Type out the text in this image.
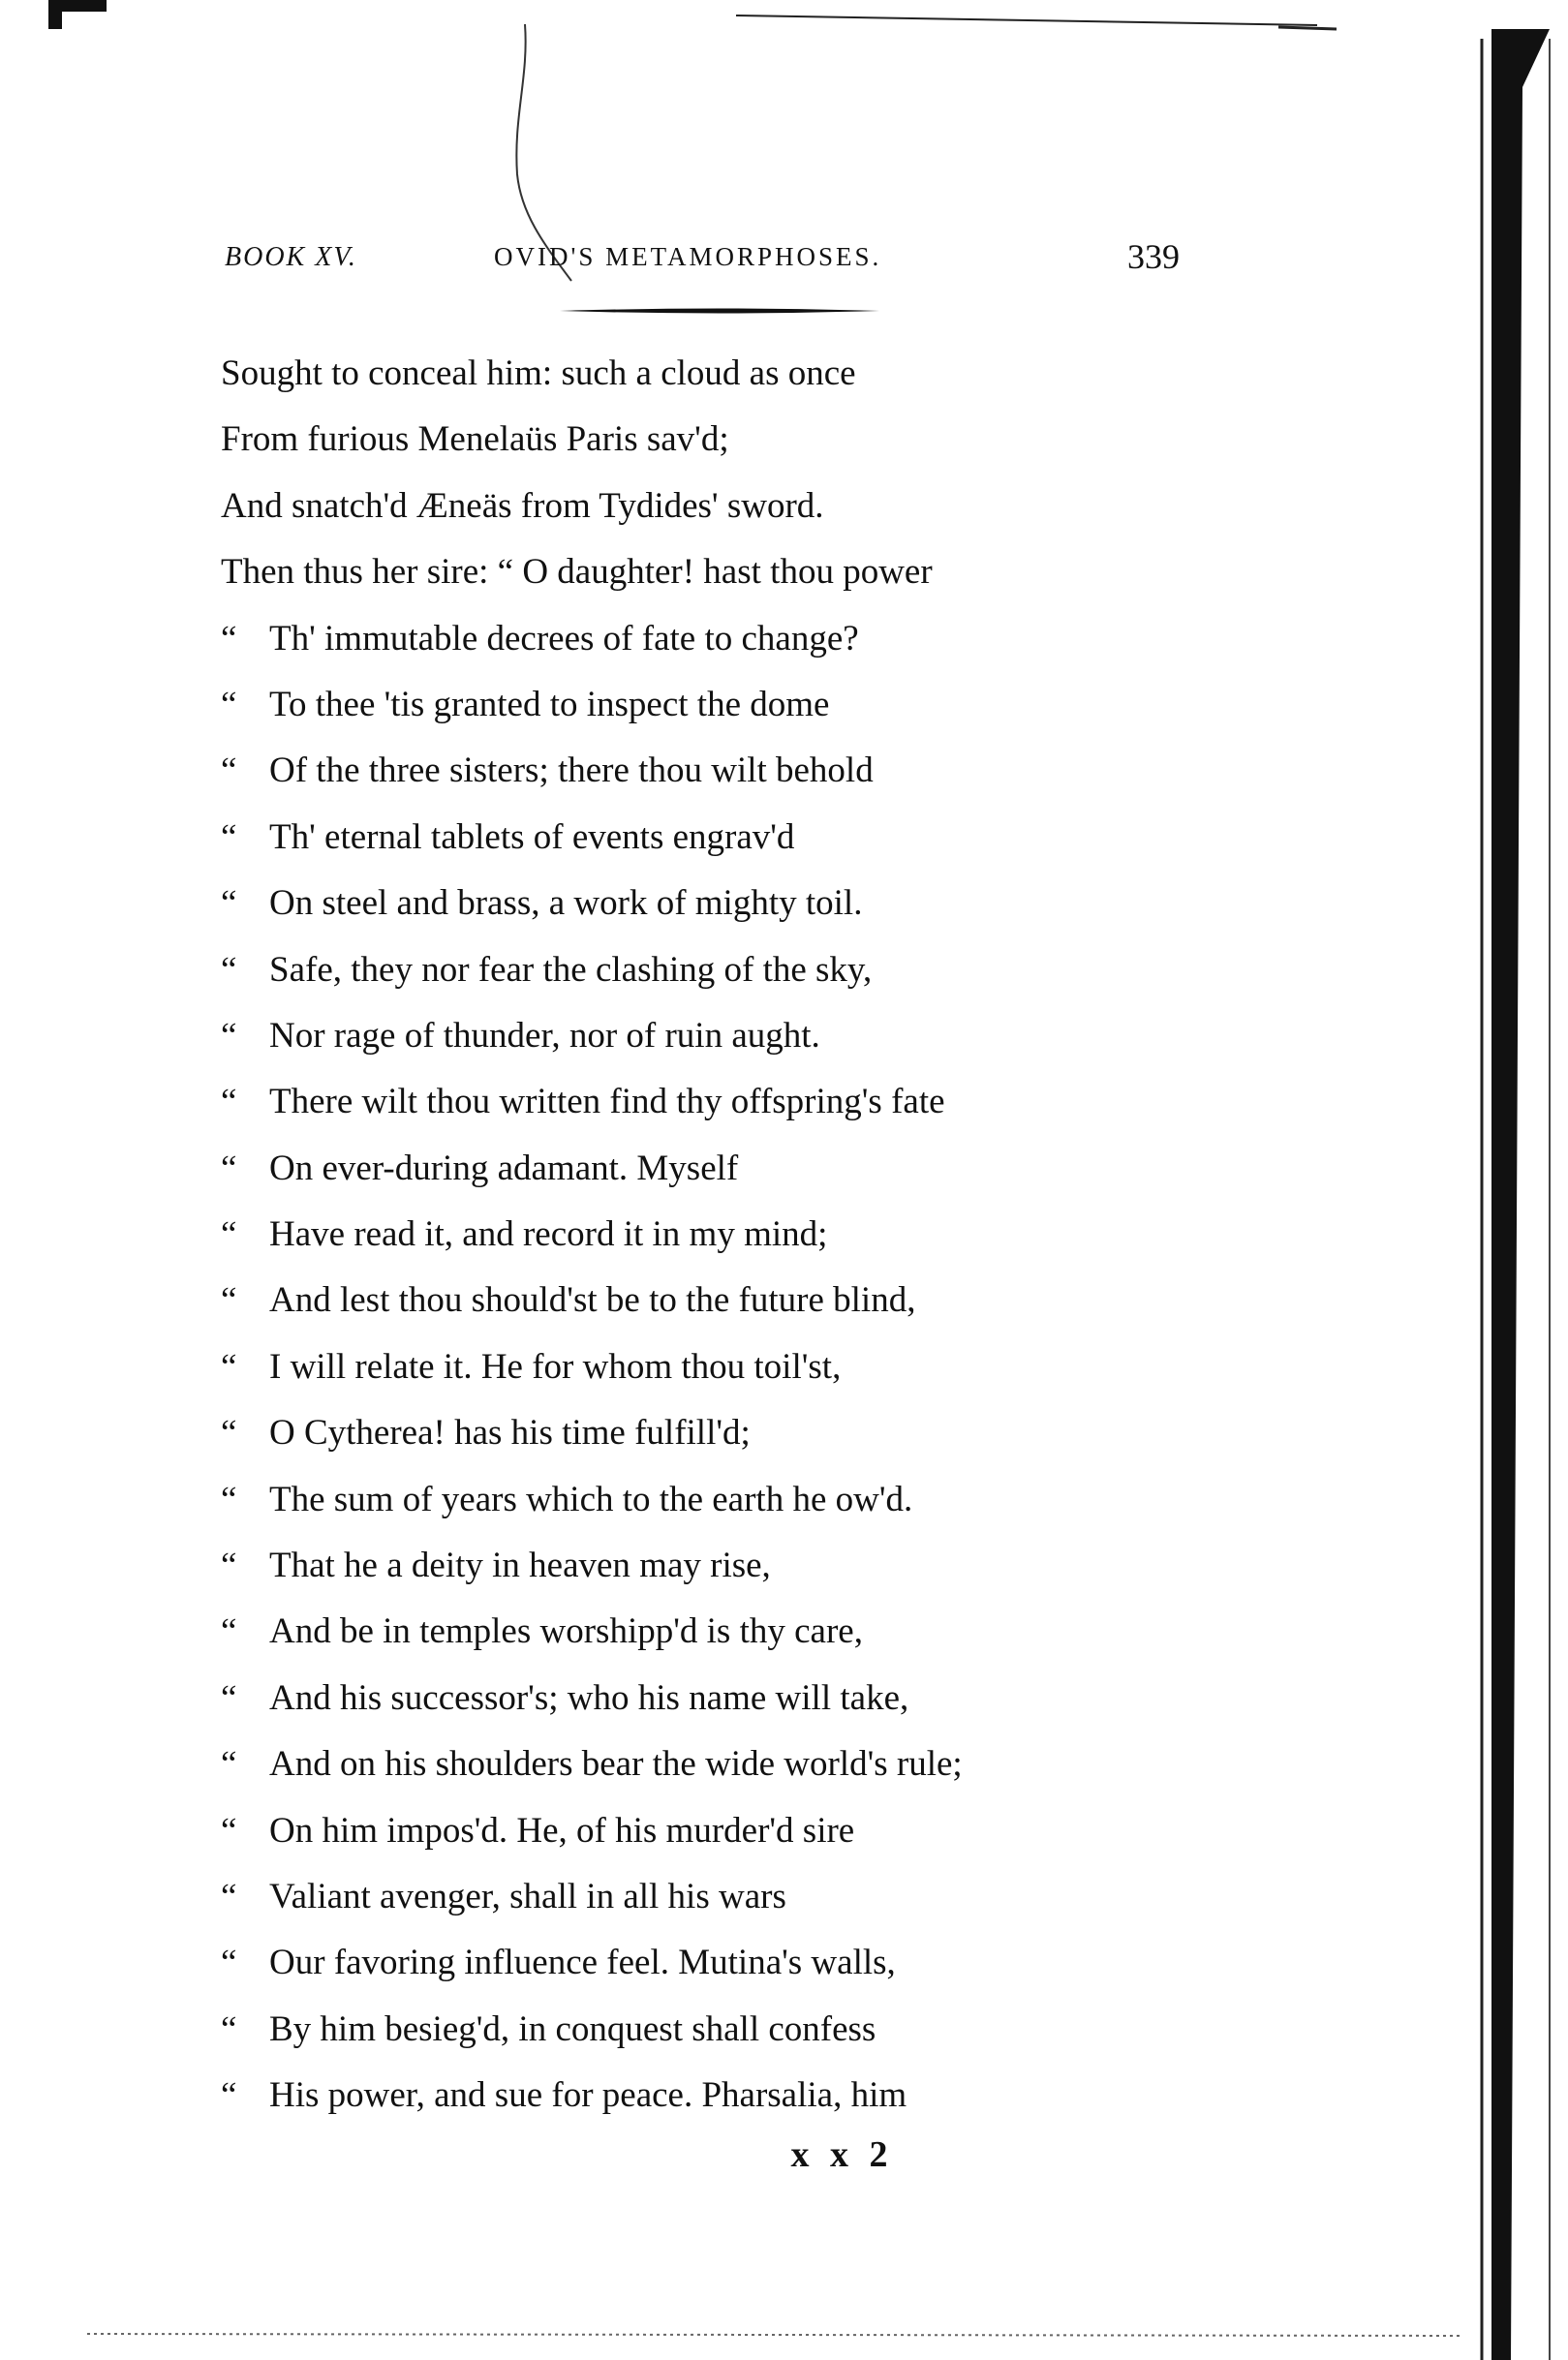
BOOK XV.	OVID'S METAMORPHOSES.	339
Sought to conceal him: such a cloud as once
From furious Menelaüs Paris sav'd;
And snatch'd Æneäs from Tydides' sword.
Then thus her sire: “ O daughter! hast thou power
“ Th' immutable decrees of fate to change?
“ To thee 'tis granted to inspect the dome
“ Of the three sisters; there thou wilt behold
“ Th' eternal tablets of events engrav'd
“ On steel and brass, a work of mighty toil.
“ Safe, they nor fear the clashing of the sky,
“ Nor rage of thunder, nor of ruin aught.
“ There wilt thou written find thy offspring's fate
“ On ever-during adamant. Myself
“ Have read it, and record it in my mind;
“ And lest thou should'st be to the future blind,
“ I will relate it. He for whom thou toil'st,
“ O Cytherea! has his time fulfill'd;
“ The sum of years which to the earth he ow'd.
“ That he a deity in heaven may rise,
“ And be in temples worshipp'd is thy care,
“ And his successor's; who his name will take,
“ And on his shoulders bear the wide world's rule;
“ On him impos'd. He, of his murder'd sire
“ Valiant avenger, shall in all his wars
“ Our favoring influence feel. Mutina's walls,
“ By him besieg'd, in conquest shall confess
“ His power, and sue for peace. Pharsalia, him
x x 2
